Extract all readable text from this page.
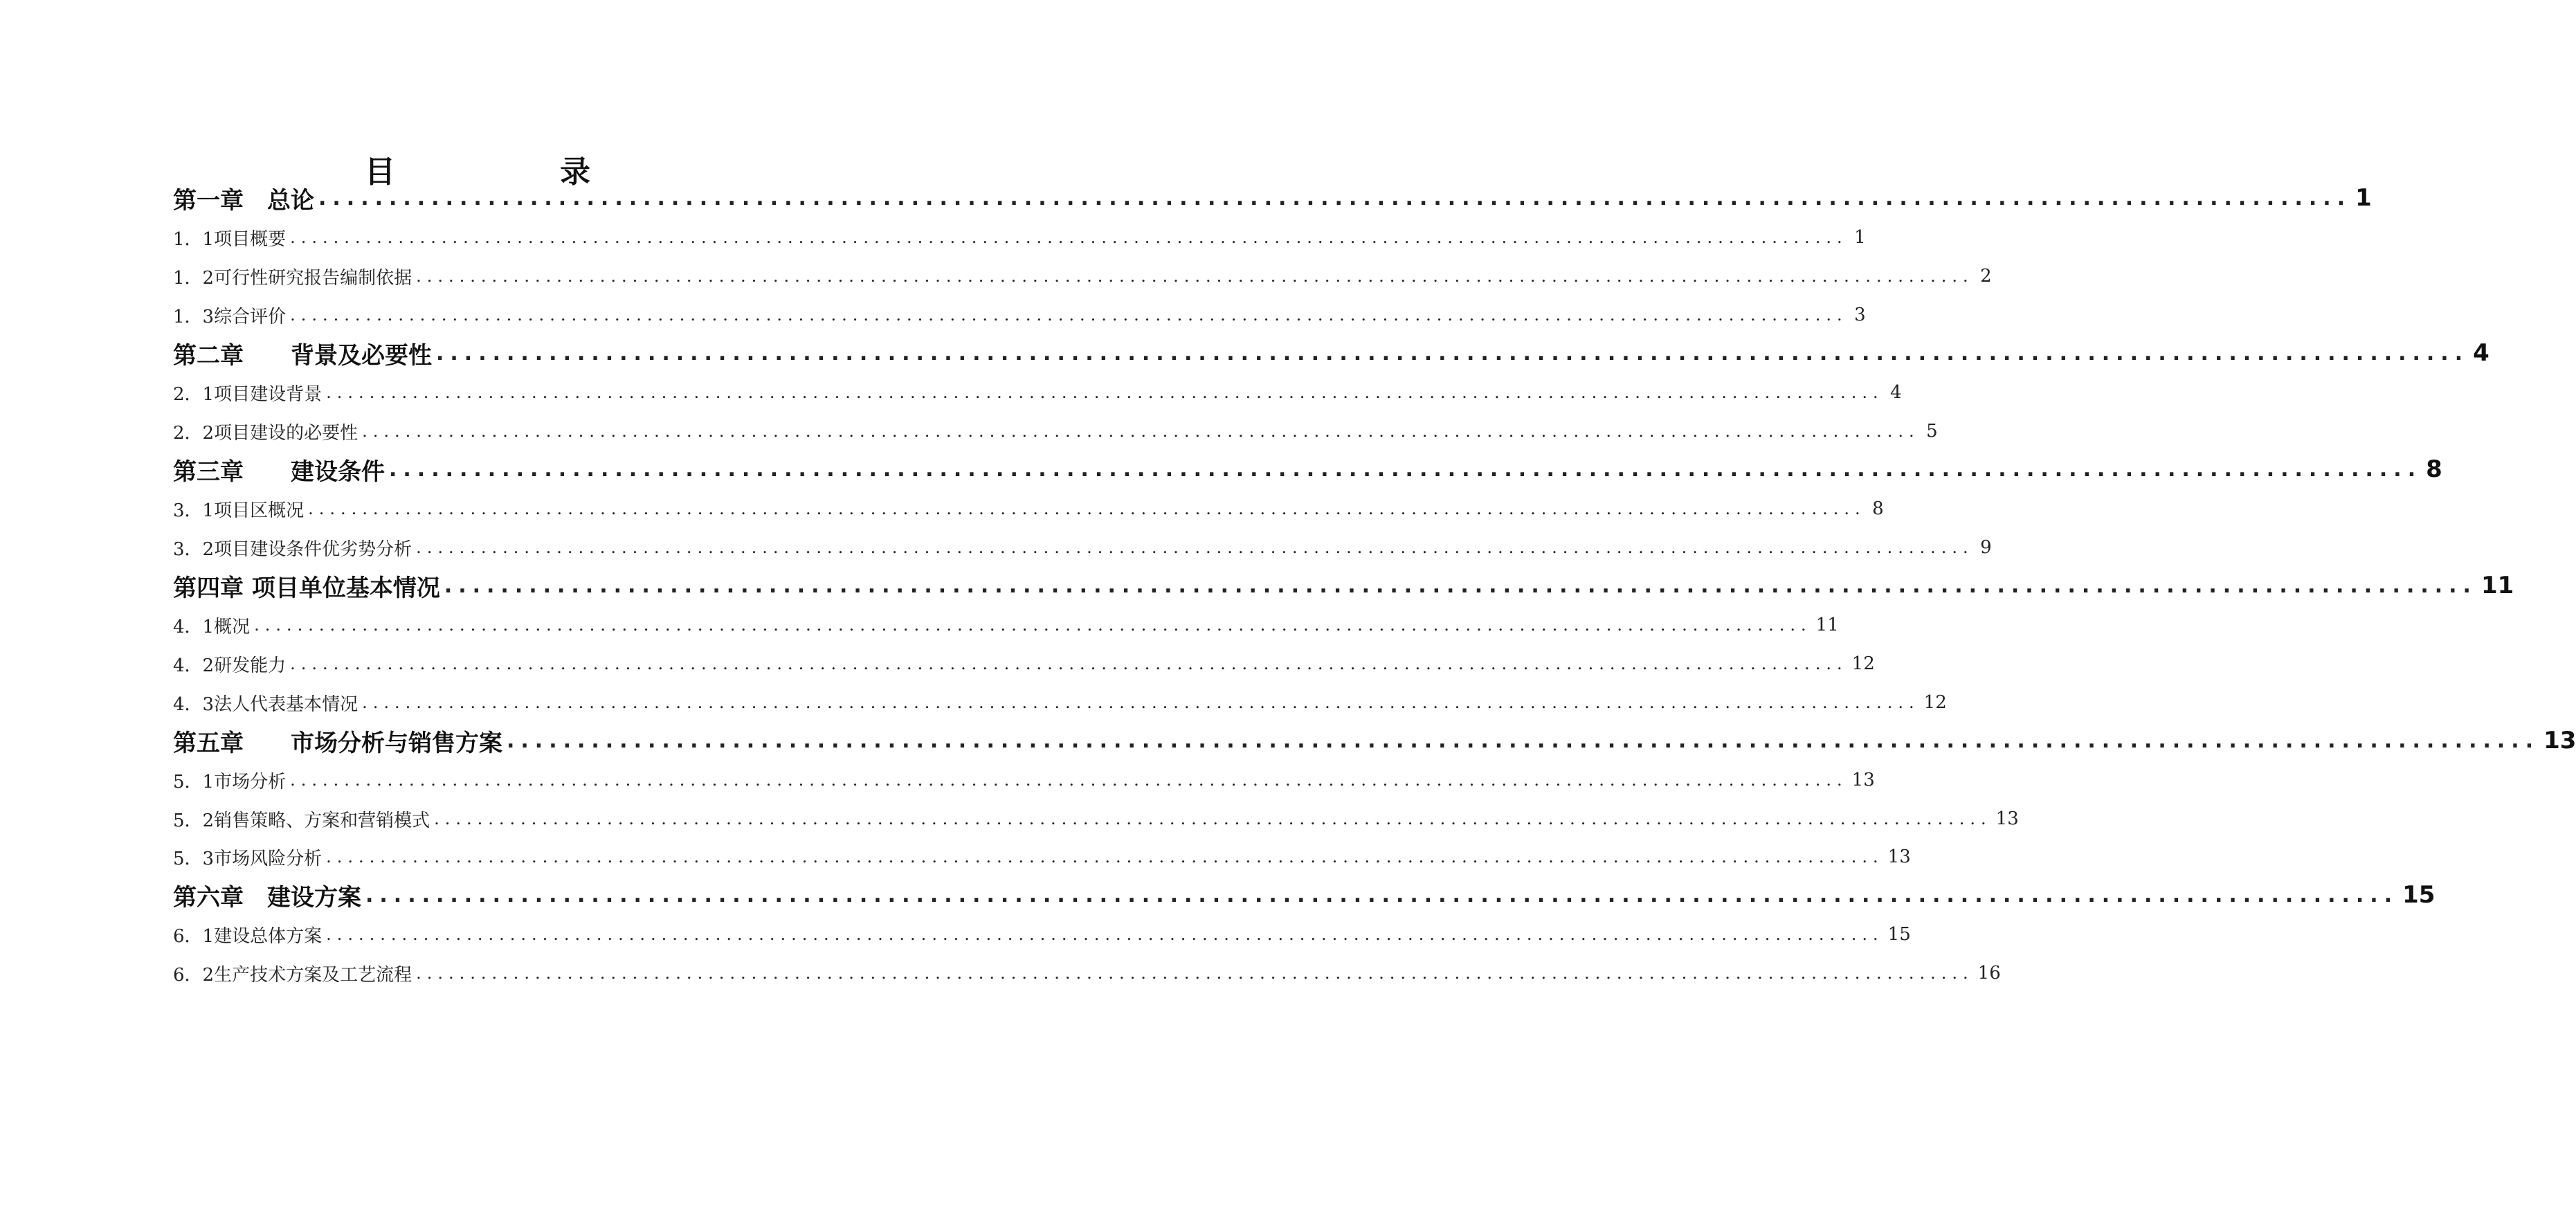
目　　录
第一章　总论 ................................................................................................................................................ 1
1．1项目概要 ................................................................................................................................................ 1
1．2可行性研究报告编制依据 ................................................................................................................................................ 2
1．3综合评价 ................................................................................................................................................ 3
第二章　　背景及必要性 ................................................................................................................................................ 4
2．1项目建设背景 ................................................................................................................................................ 4
2．2项目建设的必要性 ................................................................................................................................................ 5
第三章　　建设条件 ................................................................................................................................................ 8
3．1项目区概况 ................................................................................................................................................ 8
3．2项目建设条件优劣势分析 ................................................................................................................................................ 9
第四章 项目单位基本情况 ................................................................................................................................................ 11
4．1概况 ................................................................................................................................................ 11
4．2研发能力 ................................................................................................................................................ 12
4．3法人代表基本情况 ................................................................................................................................................ 12
第五章　　市场分析与销售方案 ................................................................................................................................................ 13
5．1市场分析 ................................................................................................................................................ 13
5．2销售策略、方案和营销模式 ................................................................................................................................................ 13
5．3市场风险分析 ................................................................................................................................................ 13
第六章　建设方案 ................................................................................................................................................ 15
6．1建设总体方案 ................................................................................................................................................ 15
6．2生产技术方案及工艺流程 ................................................................................................................................................ 16
